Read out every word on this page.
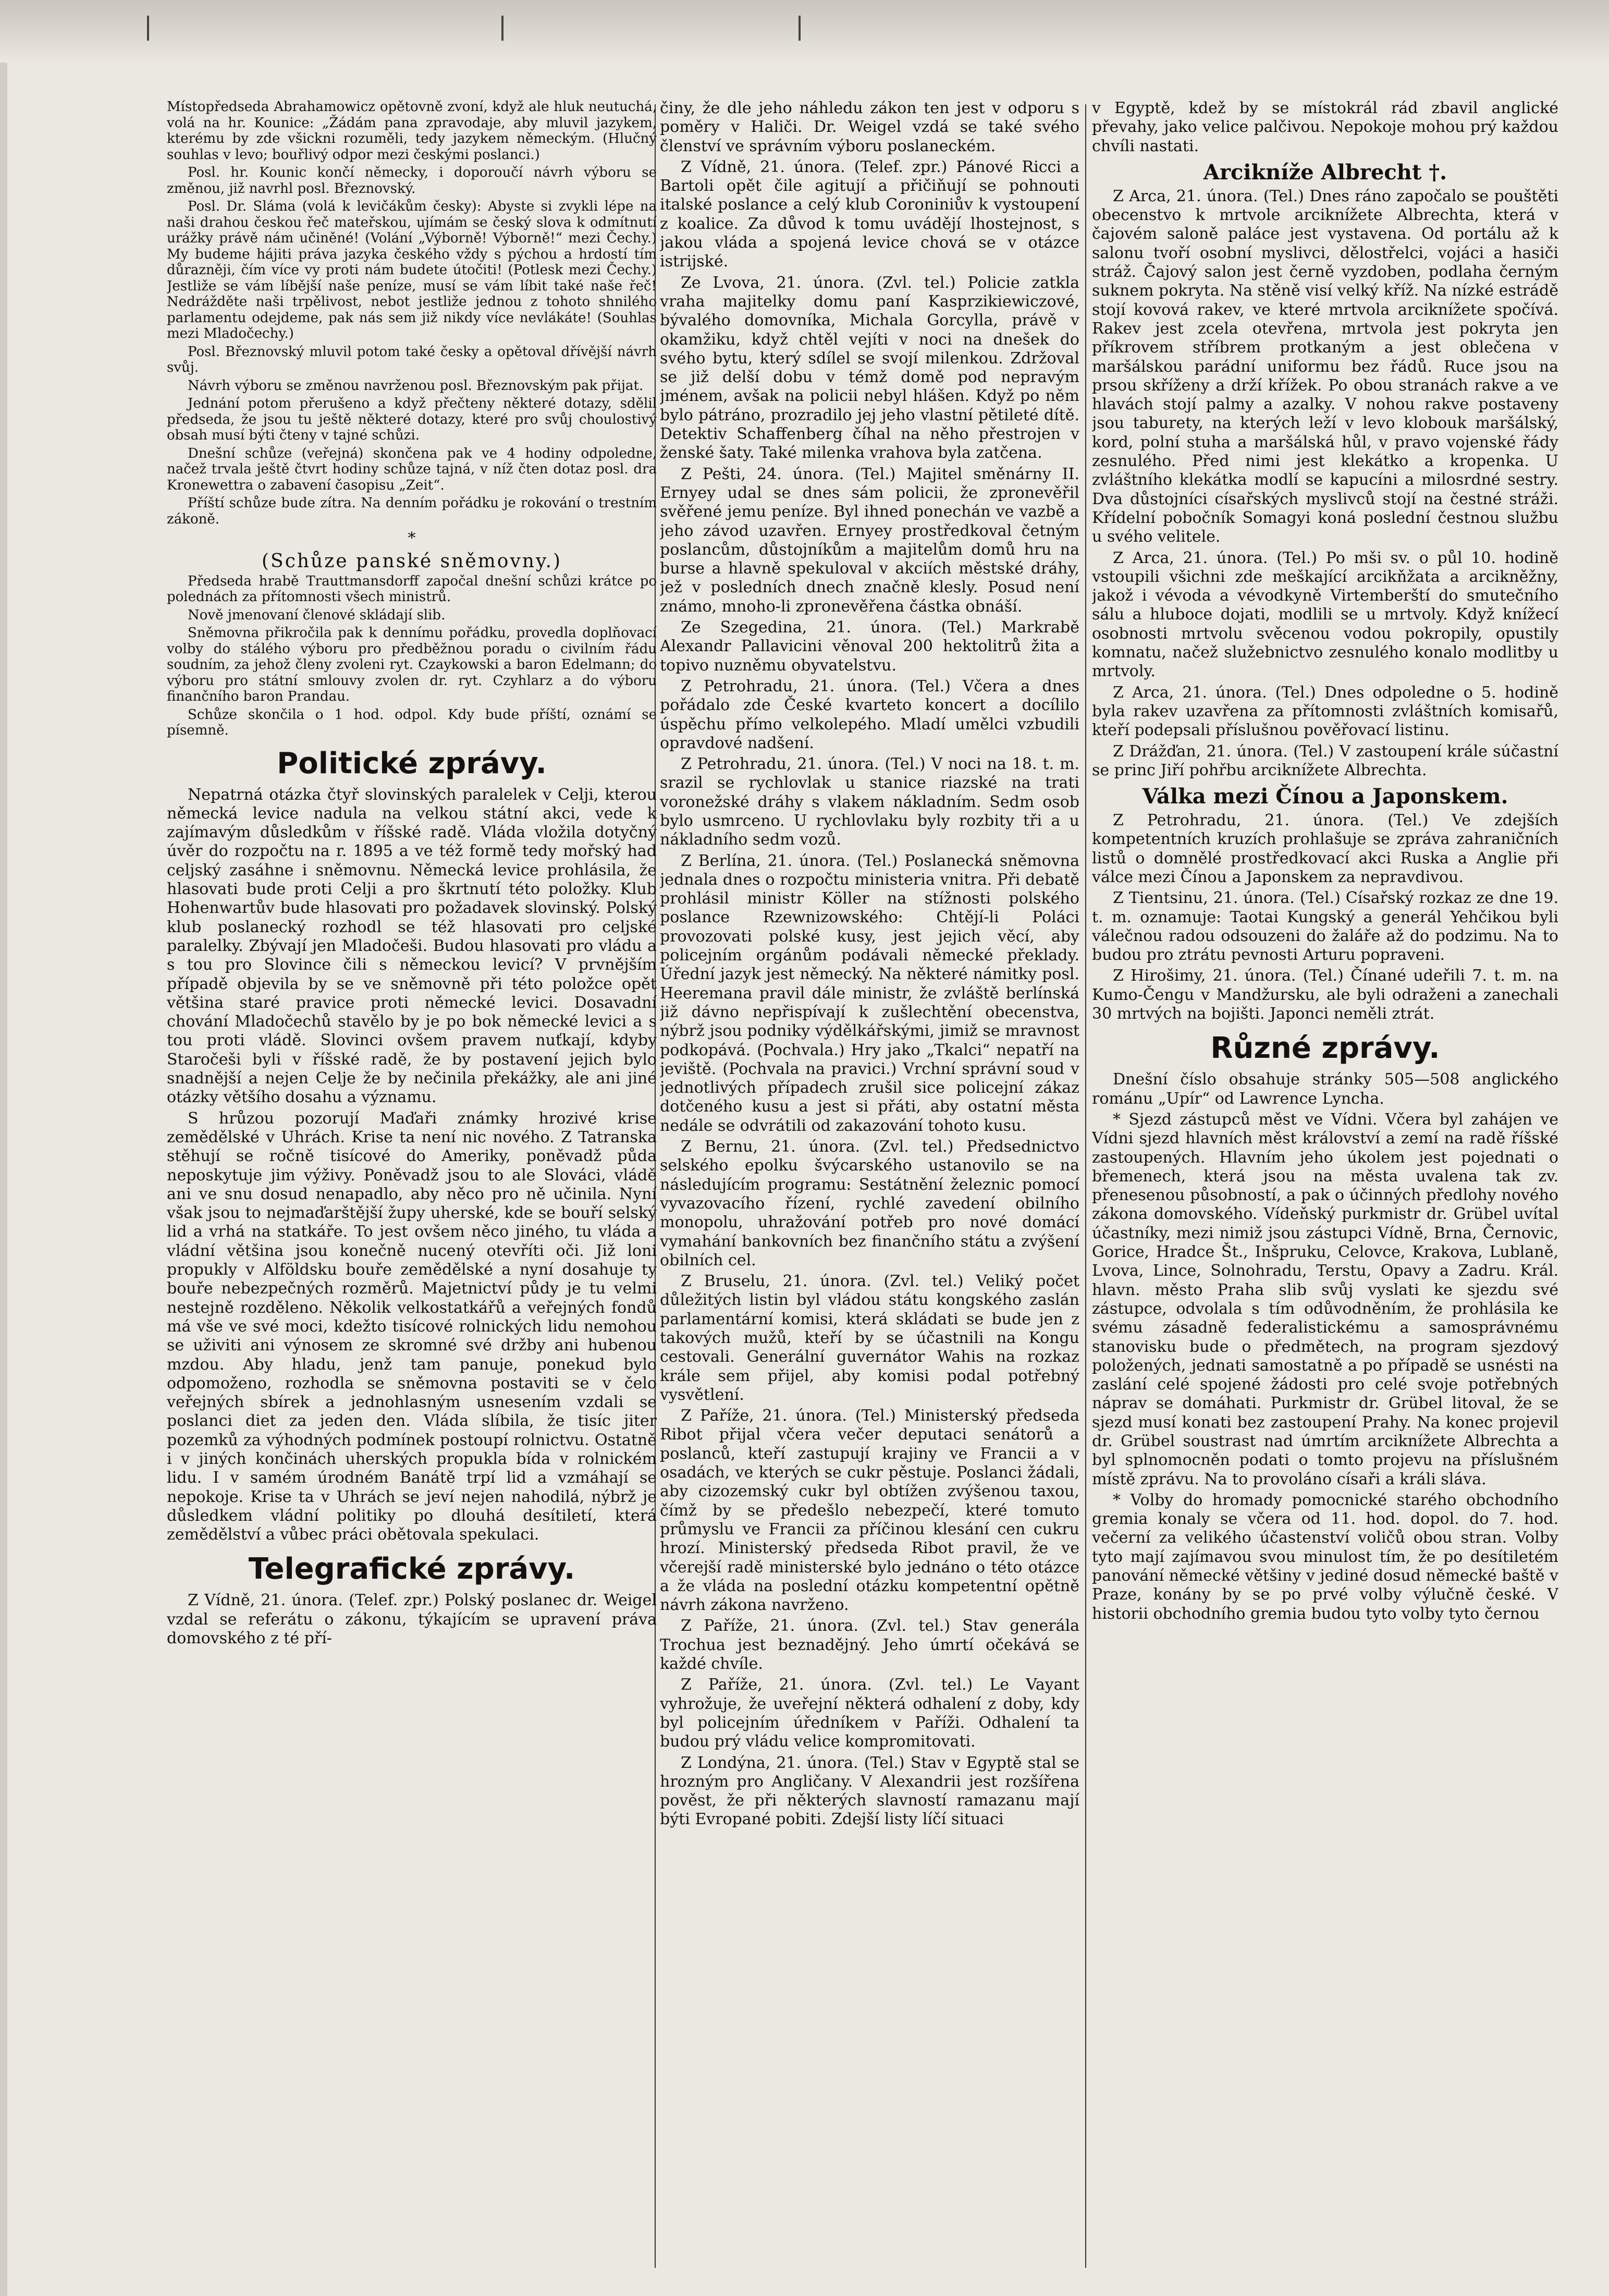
Místopředseda Abrahamowicz opětovně zvoní, když ale hluk neutuchá, volá na hr. Kounice: „Žádám pana zpravodaje, aby mluvil jazykem, kterému by zde všickni rozuměli, tedy jazykem německým. (Hlučný souhlas v levo; bouřlivý odpor mezi českými poslanci.)

Posl. hr. Kounic končí německy, i doporoučí návrh výboru se změnou, již navrhl posl. Březnovský.

Posl. Dr. Sláma (volá k levičákům česky): Abyste si zvykli lépe na naši drahou českou řeč mateřskou, ujímám se český slova k odmítnutí urážky právě nám učiněné! (Volání „Výborně! Výborně!“ mezi Čechy.) My budeme hájiti práva jazyka českého vždy s pýchou a hrdostí tím důrazněji, čím více vy proti nám budete útočiti! (Potlesk mezi Čechy.) Jestliže se vám líbější naše peníze, musí se vám líbit také naše řeč! Nedrážděte naši trpělivost, nebot jestliže jednou z tohoto shnilého parlamentu odejdeme, pak nás sem již nikdy více nevlákáte! (Souhlas mezi Mladočechy.)

Posl. Březnovský mluvil potom také česky a opětoval dřívější návrh svůj.

Návrh výboru se změnou navrženou posl. Březnovským pak přijat.

Jednání potom přerušeno a když přečteny některé dotazy, sdělil předseda, že jsou tu ještě některé dotazy, které pro svůj choulostivý obsah musí býti čteny v tajné schůzi.

Dnešní schůze (veřejná) skončena pak ve 4 hodiny odpoledne, načež trvala ještě čtvrt hodiny schůze tajná, v níž čten dotaz posl. dra Kronewettra o zabavení časopisu „Zeit“.

Příští schůze bude zítra. Na denním pořádku je rokování o trestním zákoně.

*
(Schůze panské sněmovny.)

Předseda hrabě Trauttmansdorff započal dnešní schůzi krátce po polednách za přítomnosti všech ministrů.

Nově jmenovaní členové skládají slib.

Sněmovna přikročila pak k dennímu pořádku, provedla doplňovací volby do stálého výboru pro předběžnou poradu o civilním řádu soudním, za jehož členy zvoleni ryt. Czaykowski a baron Edelmann; do výboru pro státní smlouvy zvolen dr. ryt. Czyhlarz a do výboru finančního baron Prandau.

Schůze skončila o 1 hod. odpol. Kdy bude příští, oznámí se písemně.

Politické zprávy.

Nepatrná otázka čtyř slovinských paralelek v Celji, kterou německá levice nadula na velkou státní akci, vede k zajímavým důsledkům v říšské radě. Vláda vložila dotyčný úvěr do rozpočtu na r. 1895 a ve též formě tedy mořský had celjský zasáhne i sněmovnu. Německá levice prohlásila, že hlasovati bude proti Celji a pro škrtnutí této položky. Klub Hohenwartův bude hlasovati pro požadavek slovinský. Polský klub poslanecký rozhodl se též hlasovati pro celjské paralelky. Zbývají jen Mladočeši. Budou hlasovati pro vládu a s tou pro Slovince čili s německou levicí? V prvnějším případě objevila by se ve sněmovně při této položce opět většina staré pravice proti německé levici. Dosavadní chování Mladočechů stavělo by je po bok německé levici a s tou proti vládě. Slovinci ovšem pravem nuťkají, kdyby Staročeši byli v říšské radě, že by postavení jejich bylo snadnější a nejen Celje že by nečinila překážky, ale ani jiné otázky většího dosahu a významu.

S hrůzou pozorují Maďaři známky hrozivé krise zemědělské v Uhrách. Krise ta není nic nového. Z Tatranska stěhují se ročně tisícové do Ameriky, poněvadž půda neposkytuje jim výživy. Poněvadž jsou to ale Slováci, vládě ani ve snu dosud nenapadlo, aby něco pro ně učinila. Nyní však jsou to nejmaďarštější župy uherské, kde se bouří selský lid a vrhá na statkáře. To jest ovšem něco jiného, tu vláda a vládní většina jsou konečně nucený otevříti oči. Již loni propukly v Alföldsku bouře zemědělské a nyní dosahuje ty bouře nebezpečných rozměrů. Majetnictví půdy je tu velmi nestejně rozděleno. Několik velkostatkářů a veřejných fondů má vše ve své moci, kdežto tisícové rolnických lidu nemohou se uživiti ani výnosem ze skromné své držby ani hubenou mzdou. Aby hladu, jenž tam panuje, ponekud bylo odpomoženo, rozhodla se sněmovna postaviti se v čelo veřejných sbírek a jednohlasným usnesením vzdali se poslanci diet za jeden den. Vláda slíbila, že tisíc jiter pozemků za výhodných podmínek postoupí rolnictvu. Ostatně i v jiných končinách uherských propukla bída v rolnickém lidu. I v samém úrodném Banátě trpí lid a vzmáhají se nepokoje. Krise ta v Uhrách se jeví nejen nahodilá, nýbrž je důsledkem vládní politiky po dlouhá desítiletí, která zemědělství a vůbec práci obětovala spekulaci.

Telegrafické zprávy.

Z Vídně, 21. února. (Telef. zpr.) Polský poslanec dr. Weigel vzdal se referátu o zákonu, týkajícím se upravení práva domovského z té pří-

činy, že dle jeho náhledu zákon ten jest v odporu s poměry v Haliči. Dr. Weigel vzdá se také svého členství ve správním výboru poslaneckém.

Z Vídně, 21. února. (Telef. zpr.) Pánové Ricci a Bartoli opět čile agitují a přičiňují se pohnouti italské poslance a celý klub Coroniniův k vystoupení z koalice. Za důvod k tomu uvádějí lhostejnost, s jakou vláda a spojená levice chová se v otázce istrijské.

Ze Lvova, 21. února. (Zvl. tel.) Policie zatkla vraha majitelky domu paní Kasprzikiewiczové, bývalého domovníka, Michala Gorcylla, právě v okamžiku, když chtěl vejíti v noci na dnešek do svého bytu, který sdílel se svojí milenkou. Zdržoval se již delší dobu v témž domě pod nepravým jménem, avšak na policii nebyl hlášen. Když po něm bylo pátráno, prozradilo jej jeho vlastní pětileté dítě. Detektiv Schaffenberg číhal na něho přestrojen v ženské šaty. Také milenka vrahova byla zatčena.

Z Pešti, 24. února. (Tel.) Majitel směnárny II. Ernyey udal se dnes sám policii, že zpronevěřil svěřené jemu peníze. Byl ihned ponechán ve vazbě a jeho závod uzavřen. Ernyey prostředkoval četným poslancům, důstojníkům a majitelům domů hru na burse a hlavně spekuloval v akciích městské dráhy, jež v posledních dnech značně klesly. Posud není známo, mnoho-li zpronevěřena částka obnáší.

Ze Szegedina, 21. února. (Tel.) Markrabě Alexandr Pallavicini věnoval 200 hektolitrů žita a topivo nuzněmu obyvatelstvu.

Z Petrohradu, 21. února. (Tel.) Včera a dnes pořádalo zde České kvarteto koncert a docílilo úspěchu přímo velkolepého. Mladí umělci vzbudili opravdové nadšení.

Z Petrohradu, 21. února. (Tel.) V noci na 18. t. m. srazil se rychlovlak u stanice riazské na trati voronežské dráhy s vlakem nákladním. Sedm osob bylo usmrceno. U rychlovlaku byly rozbity tři a u nákladního sedm vozů.

Z Berlína, 21. února. (Tel.) Poslanecká sněmovna jednala dnes o rozpočtu ministeria vnitra. Při debatě prohlásil ministr Köller na stížnosti polského poslance Rzewnizowského: Chtějí-li Poláci provozovati polské kusy, jest jejich věcí, aby policejním orgánům podávali německé překlady. Úřední jazyk jest německý. Na některé námitky posl. Heeremana pravil dále ministr, že zvláště berlínská již dávno nepřispívají k zušlechtění obecenstva, nýbrž jsou podniky výdělkářskými, jimiž se mravnost podkopává. (Pochvala.) Hry jako „Tkalci“ nepatří na jeviště. (Pochvala na pravici.) Vrchní správní soud v jednotlivých případech zrušil sice policejní zákaz dotčeného kusu a jest si přáti, aby ostatní města nedále se odvrátili od zakazování tohoto kusu.

Z Bernu, 21. února. (Zvl. tel.) Předsednictvo selského epolku švýcarského ustanovilo se na následujícím programu: Sestátnění železnic pomocí vyvazovacího řízení, rychlé zavedení obilního monopolu, uhražování potřeb pro nové domácí vymahání bankovních bez finančního státu a zvýšení obilních cel.

Z Bruselu, 21. února. (Zvl. tel.) Veliký počet důležitých listin byl vládou státu kongského zaslán parlamentární komisi, která skládati se bude jen z takových mužů, kteří by se účastnili na Kongu cestovali. Generální guvernátor Wahis na rozkaz krále sem přijel, aby komisi podal potřebný vysvětlení.

Z Paříže, 21. února. (Tel.) Ministerský předseda Ribot přijal včera večer deputaci senátorů a poslanců, kteří zastupují krajiny ve Francii a v osadách, ve kterých se cukr pěstuje. Poslanci žádali, aby cizozemský cukr byl obtížen zvýšenou taxou, čímž by se předešlo nebezpečí, které tomuto průmyslu ve Francii za příčinou klesání cen cukru hrozí. Ministerský předseda Ribot pravil, že ve včerejší radě ministerské bylo jednáno o této otázce a že vláda na poslední otázku kompetentní opětně návrh zákona navrženo.

Z Paříže, 21. února. (Zvl. tel.) Stav generála Trochua jest beznadějný. Jeho úmrtí očekává se každé chvíle.

Z Paříže, 21. února. (Zvl. tel.) Le Vayant vyhrožuje, že uveřejní některá odhalení z doby, kdy byl policejním úředníkem v Paříži. Odhalení ta budou prý vládu velice kompromitovati.

Z Londýna, 21. února. (Tel.) Stav v Egyptě stal se hrozným pro Angličany. V Alexandrii jest rozšířena pověst, že při některých slavností ramazanu mají býti Evropané pobiti. Zdejší listy líčí situaci

v Egyptě, kdež by se místokrál rád zbavil anglické převahy, jako velice palčivou. Nepokoje mohou prý každou chvíli nastati.

Arcikníže Albrecht †.

Z Arca, 21. února. (Tel.) Dnes ráno započalo se pouštěti obecenstvo k mrtvole arciknížete Albrechta, která v čajovém saloně paláce jest vystavena. Od portálu až k salonu tvoří osobní myslivci, dělostřelci, vojáci a hasiči stráž. Čajový salon jest černě vyzdoben, podlaha černým suknem pokryta. Na stěně visí velký kříž. Na nízké estrádě stojí kovová rakev, ve které mrtvola arciknížete spočívá. Rakev jest zcela otevřena, mrtvola jest pokryta jen příkrovem stříbrem protkaným a jest oblečena v maršálskou parádní uniformu bez řádů. Ruce jsou na prsou skříženy a drží křížek. Po obou stranách rakve a ve hlavách stojí palmy a azalky. V nohou rakve postaveny jsou taburety, na kterých leží v levo klobouk maršálský, kord, polní stuha a maršálská hůl, v pravo vojenské řády zesnulého. Před nimi jest klekátko a kropenka. U zvláštního klekátka modlí se kapucíni a milosrdné sestry. Dva důstojníci císařských myslivců stojí na čestné stráži. Křídelní pobočník Somagyi koná poslední čestnou službu u svého velitele.

Z Arca, 21. února. (Tel.) Po mši sv. o půl 10. hodině vstoupili všichni zde meškající arcikňžata a arcikněžny, jakož i vévoda a vévodkyně Virtemberští do smutečního sálu a hluboce dojati, modlili se u mrtvoly. Když knížecí osobnosti mrtvolu svěcenou vodou pokropily, opustily komnatu, načež služebnictvo zesnulého konalo modlitby u mrtvoly.

Z Arca, 21. února. (Tel.) Dnes odpoledne o 5. hodině byla rakev uzavřena za přítomnosti zvláštních komisařů, kteří podepsali příslušnou pověřovací listinu.

Z Drážďan, 21. února. (Tel.) V zastoupení krále súčastní se princ Jiří pohřbu arciknížete Albrechta.

Válka mezi Čínou a Japonskem.

Z Petrohradu, 21. února. (Tel.) Ve zdejších kompetentních kruzích prohlašuje se zpráva zahraničních listů o domnělé prostředkovací akci Ruska a Anglie při válce mezi Čínou a Japonskem za nepravdivou.

Z Tientsinu, 21. února. (Tel.) Císařský rozkaz ze dne 19. t. m. oznamuje: Taotai Kungský a generál Yehčikou byli válečnou radou odsouzeni do žaláře až do podzimu. Na to budou pro ztrátu pevnosti Arturu popraveni.

Z Hirošimy, 21. února. (Tel.) Čínané udeřili 7. t. m. na Kumo-Čengu v Mandžursku, ale byli odraženi a zanechali 30 mrtvých na bojišti. Japonci neměli ztrát.

Různé zprávy.

Dnešní číslo obsahuje stránky 505—508 anglického románu „Upír“ od Lawrence Lyncha.

* Sjezd zástupců měst ve Vídni. Včera byl zahájen ve Vídni sjezd hlavních měst království a zemí na radě říšské zastoupených. Hlavním jeho úkolem jest pojednati o břemenech, která jsou na města uvalena tak zv. přenesenou působností, a pak o účinných předlohy nového zákona domovského. Vídeňský purkmistr dr. Grübel uvítal účastníky, mezi nimiž jsou zástupci Vídně, Brna, Černovic, Gorice, Hradce Št., Inšpruku, Celovce, Krakova, Lublaně, Lvova, Lince, Solnohradu, Terstu, Opavy a Zadru. Král. hlavn. město Praha slib svůj vyslati ke sjezdu své zástupce, odvolala s tím odůvodněním, že prohlásila ke svému zásadně federalistickému a samosprávnému stanovisku bude o předmětech, na program sjezdový položených, jednati samostatně a po případě se usnésti na zaslání celé spojené žádosti pro celé svoje potřebných náprav se domáhati. Purkmistr dr. Grübel litoval, že se sjezd musí konati bez zastoupení Prahy. Na konec projevil dr. Grübel soustrast nad úmrtím arciknížete Albrechta a byl splnomocněn podati o tomto projevu na příslušném místě zprávu. Na to provoláno císaři a králi sláva.

* Volby do hromady pomocnické starého obchodního gremia konaly se včera od 11. hod. dopol. do 7. hod. večerní za velikého účastenství voličů obou stran. Volby tyto mají zajímavou svou minulost tím, že po desítiletém panování německé většiny v jediné dosud německé baště v Praze, konány by se po prvé volby výlučně české. V historii obchodního gremia budou tyto volby tyto černou
